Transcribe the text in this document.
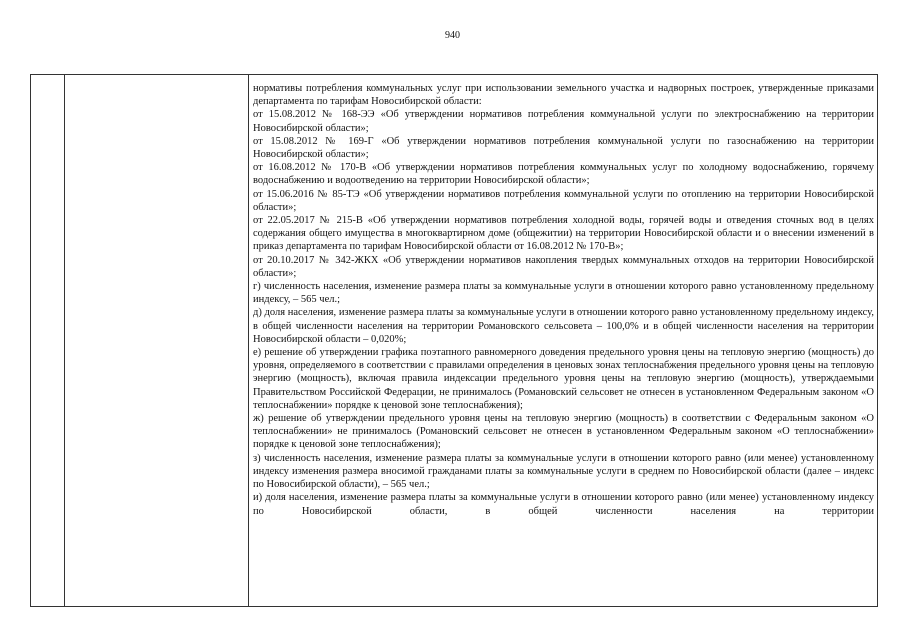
940

нормативы потребления коммунальных услуг при использовании земельного участка и надворных построек, утвержденные приказами департамента по тарифам Новосибирской области:

от 15.08.2012 № 168-ЭЭ «Об утверждении нормативов потребления коммунальной услуги по электроснабжению на территории Новосибирской области»;

от 15.08.2012 № 169-Г «Об утверждении нормативов потребления коммунальной услуги по газоснабжению на территории Новосибирской области»;

от 16.08.2012 № 170-В «Об утверждении нормативов потребления коммунальных услуг по холодному водоснабжению, горячему водоснабжению и водоотведению на территории Новосибирской области»;

от 15.06.2016 № 85-ТЭ «Об утверждении нормативов потребления коммунальной услуги по отоплению на территории Новосибирской области»;

от 22.05.2017 № 215-В «Об утверждении нормативов потребления холодной воды, горячей воды и отведения сточных вод в целях содержания общего имущества в многоквартирном доме (общежитии) на территории Новосибирской области и о внесении изменений в приказ департамента по тарифам Новосибирской области от 16.08.2012 № 170-В»;

от 20.10.2017 № 342-ЖКХ «Об утверждении нормативов накопления твердых коммунальных отходов на территории Новосибирской области»;

г) численность населения, изменение размера платы за коммунальные услуги в отношении которого равно установленному предельному индексу, – 565 чел.;

д) доля населения, изменение размера платы за коммунальные услуги в отношении которого равно установленному предельному индексу, в общей численности населения на территории Романовского сельсовета – 100,0% и в общей численности населения на территории Новосибирской области – 0,020%;

е) решение об утверждении графика поэтапного равномерного доведения предельного уровня цены на тепловую энергию (мощность) до уровня, определяемого в соответствии с правилами определения в ценовых зонах теплоснабжения предельного уровня цены на тепловую энергию (мощность), включая правила индексации предельного уровня цены на тепловую энергию (мощность), утверждаемыми Правительством Российской Федерации, не принималось (Романовский сельсовет не отнесен в установленном Федеральным законом «О теплоснабжении» порядке к ценовой зоне теплоснабжения);

ж) решение об утверждении предельного уровня цены на тепловую энергию (мощность) в соответствии с Федеральным законом «О теплоснабжении» не принималось (Романовский сельсовет не отнесен в установленном Федеральным законом «О теплоснабжении» порядке к ценовой зоне теплоснабжения);

з) численность населения, изменение размера платы за коммунальные услуги в отношении которого равно (или менее) установленному индексу изменения размера вносимой гражданами платы за коммунальные услуги в среднем по Новосибирской области (далее – индекс по Новосибирской области), – 565 чел.;

и) доля населения, изменение размера платы за коммунальные услуги в отношении которого равно (или менее) установленному индексу по Новосибирской области, в общей численности населения на территории
